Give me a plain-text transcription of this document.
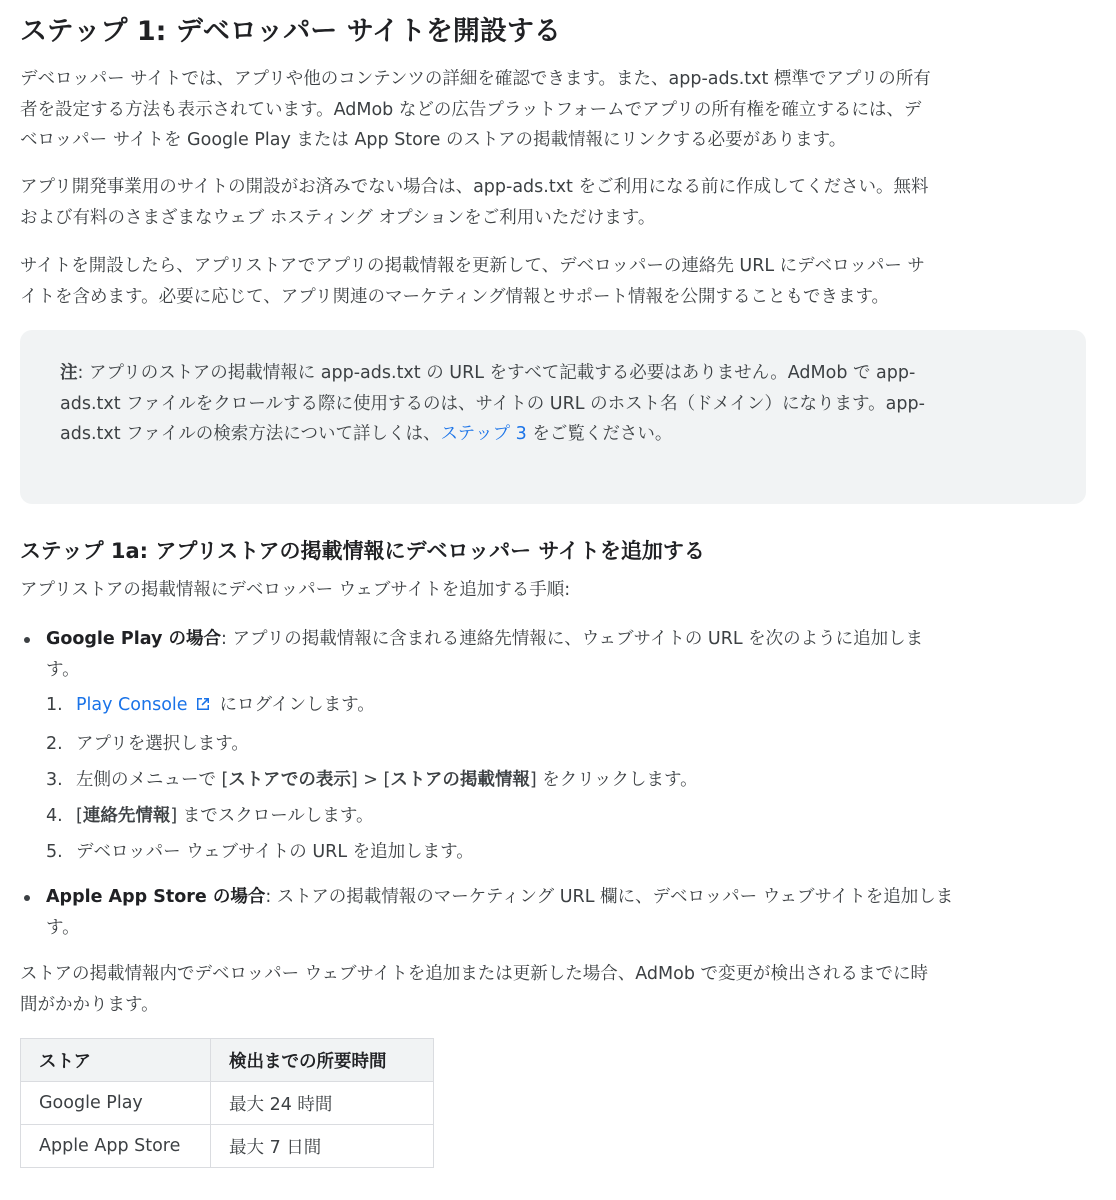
ステップ 1: デベロッパー サイトを開設する
デベロッパー サイトでは、アプリや他のコンテンツの詳細を確認できます。また、app-ads.txt 標準でアプリの所有
者を設定する方法も表示されています。AdMob などの広告プラットフォームでアプリの所有権を確立するには、デ
ベロッパー サイトを Google Play または App Store のストアの掲載情報にリンクする必要があります。
アプリ開発事業用のサイトの開設がお済みでない場合は、app-ads.txt をご利用になる前に作成してください。無料
および有料のさまざまなウェブ ホスティング オプションをご利用いただけます。
サイトを開設したら、アプリストアでアプリの掲載情報を更新して、デベロッパーの連絡先 URL にデベロッパー サ
イトを含めます。必要に応じて、アプリ関連のマーケティング情報とサポート情報を公開することもできます。
注: アプリのストアの掲載情報に app-ads.txt の URL をすべて記載する必要はありません。AdMob で app-
ads.txt ファイルをクロールする際に使用するのは、サイトの URL のホスト名（ドメイン）になります。app-
ads.txt ファイルの検索方法について詳しくは、ステップ 3 をご覧ください。
ステップ 1a: アプリストアの掲載情報にデベロッパー サイトを追加する
アプリストアの掲載情報にデベロッパー ウェブサイトを追加する手順:
Google Play の場合: アプリの掲載情報に含まれる連絡先情報に、ウェブサイトの URL を次のように追加しま
す。
1. Play Console にログインします。
2. アプリを選択します。
3. 左側のメニューで [ストアでの表示] > [ストアの掲載情報] をクリックします。
4. [連絡先情報] までスクロールします。
5. デベロッパー ウェブサイトの URL を追加します。
Apple App Store の場合: ストアの掲載情報のマーケティング URL 欄に、デベロッパー ウェブサイトを追加しま
す。
ストアの掲載情報内でデベロッパー ウェブサイトを追加または更新した場合、AdMob で変更が検出されるまでに時
間がかかります。
ストア	検出までの所要時間
Google Play	最大 24 時間
Apple App Store	最大 7 日間
